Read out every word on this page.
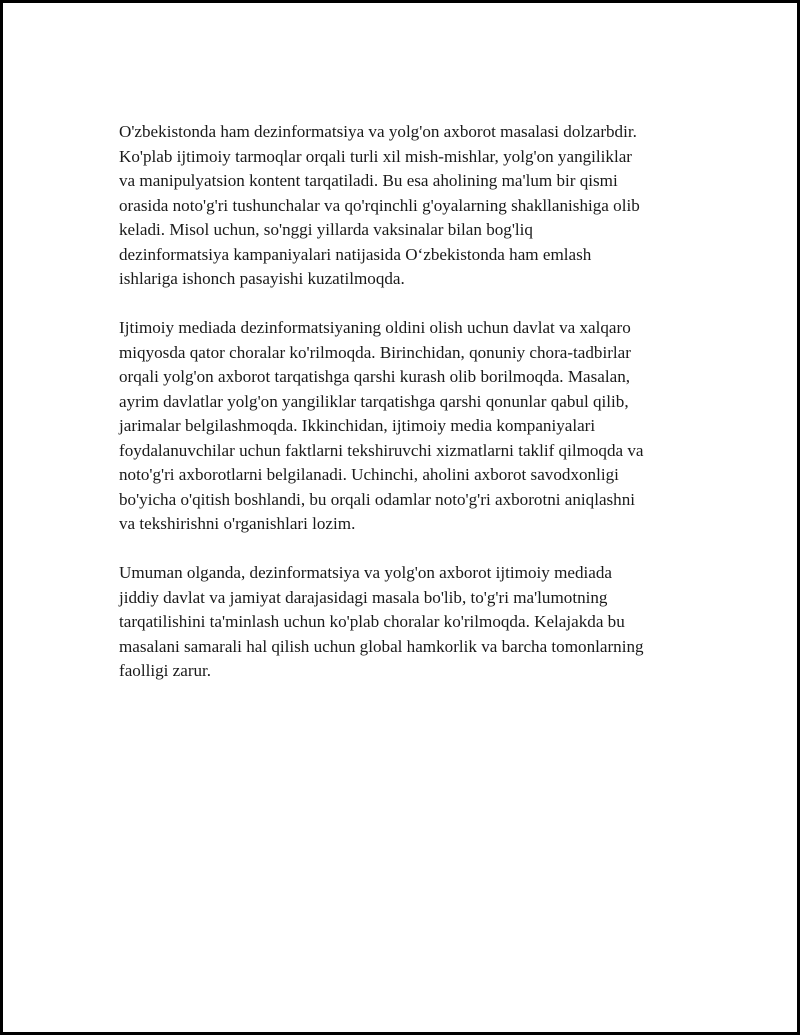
O'zbekistonda ham dezinformatsiya va yolg'on axborot masalasi dolzarbdir.
Ko'plab ijtimoiy tarmoqlar orqali turli xil mish-mishlar, yolg'on yangiliklar
va manipulyatsion kontent tarqatiladi. Bu esa aholining ma'lum bir qismi
orasida noto'g'ri tushunchalar va qo'rqinchli g'oyalarning shakllanishiga olib
keladi. Misol uchun, so'nggi yillarda vaksinalar bilan bog'liq
dezinformatsiya kampaniyalari natijasida O‘zbekistonda ham emlash
ishlariga ishonch pasayishi kuzatilmoqda.

Ijtimoiy mediada dezinformatsiyaning oldini olish uchun davlat va xalqaro
miqyosda qator choralar ko'rilmoqda. Birinchidan, qonuniy chora-tadbirlar
orqali yolg'on axborot tarqatishga qarshi kurash olib borilmoqda. Masalan,
ayrim davlatlar yolg'on yangiliklar tarqatishga qarshi qonunlar qabul qilib,
jarimalar belgilashmoqda. Ikkinchidan, ijtimoiy media kompaniyalari
foydalanuvchilar uchun faktlarni tekshiruvchi xizmatlarni taklif qilmoqda va
noto'g'ri axborotlarni belgilanadi. Uchinchi, aholini axborot savodxonligi
bo'yicha o'qitish boshlandi, bu orqali odamlar noto'g'ri axborotni aniqlashni
va tekshirishni o'rganishlari lozim.

Umuman olganda, dezinformatsiya va yolg'on axborot ijtimoiy mediada
jiddiy davlat va jamiyat darajasidagi masala bo'lib, to'g'ri ma'lumotning
tarqatilishini ta'minlash uchun ko'plab choralar ko'rilmoqda. Kelajakda bu
masalani samarali hal qilish uchun global hamkorlik va barcha tomonlarning
faolligi zarur.
